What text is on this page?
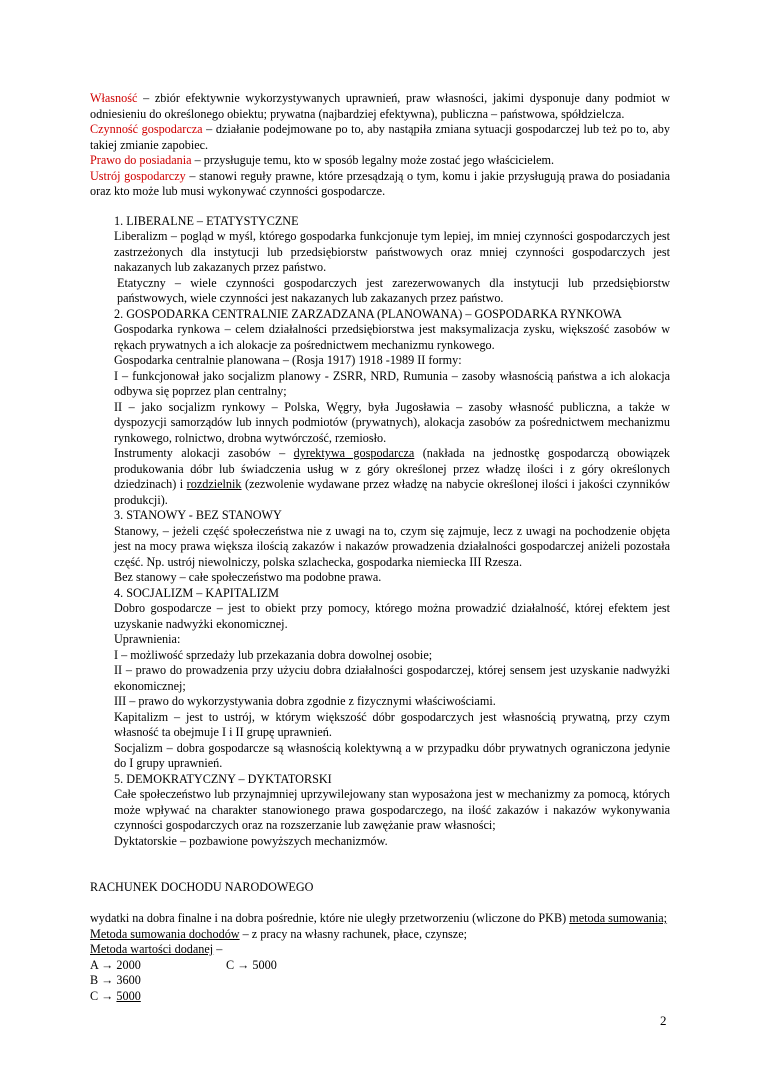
Własność – zbiór efektywnie wykorzystywanych uprawnień, praw własności, jakimi dysponuje dany podmiot w odniesieniu do określonego obiektu; prywatna (najbardziej efektywna), publiczna – państwowa, spółdzielcza.

Czynność gospodarcza – działanie podejmowane po to, aby nastąpiła zmiana sytuacji gospodarczej lub też po to, aby takiej zmianie zapobiec.

Prawo do posiadania – przysługuje temu, kto w sposób legalny może zostać jego właścicielem.

Ustrój gospodarczy – stanowi reguły prawne, które przesądzają o tym, komu i jakie przysługują prawa do posiadania oraz kto może lub musi wykonywać czynności gospodarcze.

1. LIBERALNE – ETATYSTYCZNE

Liberalizm – pogląd w myśl, którego gospodarka funkcjonuje tym lepiej, im mniej czynności gospodarczych jest zastrzeżonych dla instytucji lub przedsiębiorstw państwowych oraz mniej czynności gospodarczych jest nakazanych lub zakazanych przez państwo.

Etatyczny – wiele czynności gospodarczych jest zarezerwowanych dla instytucji lub przedsiębiorstw państwowych, wiele czynności jest nakazanych lub zakazanych przez państwo.

2. GOSPODARKA CENTRALNIE ZARZADZANA (PLANOWANA) – GOSPODARKA RYNKOWA

Gospodarka rynkowa – celem działalności przedsiębiorstwa jest maksymalizacja zysku, większość zasobów w rękach prywatnych a ich alokacje za pośrednictwem mechanizmu rynkowego.

Gospodarka centralnie planowana – (Rosja 1917) 1918 -1989 II formy:

I – funkcjonował jako socjalizm planowy - ZSRR, NRD, Rumunia – zasoby własnością państwa a ich alokacja odbywa się poprzez plan centralny;

II – jako socjalizm rynkowy – Polska, Węgry, była Jugosławia – zasoby własność publiczna, a także w dyspozycji samorządów lub innych podmiotów (prywatnych), alokacja zasobów za pośrednictwem mechanizmu rynkowego, rolnictwo, drobna wytwórczość, rzemiosło.

Instrumenty alokacji zasobów – dyrektywa gospodarcza (nakłada na jednostkę gospodarczą obowiązek produkowania dóbr lub świadczenia usług w z góry określonej przez władzę ilości i z góry określonych dziedzinach) i rozdzielnik (zezwolenie wydawane przez władzę na nabycie określonej ilości i jakości czynników produkcji).

3. STANOWY - BEZ STANOWY

Stanowy, – jeżeli część społeczeństwa nie z uwagi na to, czym się zajmuje, lecz z uwagi na pochodzenie objęta jest na mocy prawa większa ilością zakazów i nakazów prowadzenia działalności gospodarczej aniżeli pozostała część. Np. ustrój niewolniczy, polska szlachecka, gospodarka niemiecka III Rzesza.

Bez stanowy – całe społeczeństwo ma podobne prawa.

4. SOCJALIZM – KAPITALIZM

Dobro gospodarcze – jest to obiekt przy pomocy, którego można prowadzić działalność, której efektem jest uzyskanie nadwyżki ekonomicznej.

Uprawnienia:

I – możliwość sprzedaży lub przekazania dobra dowolnej osobie;

II – prawo do prowadzenia przy użyciu dobra działalności gospodarczej, której sensem jest uzyskanie nadwyżki ekonomicznej;

III – prawo do wykorzystywania dobra zgodnie z fizycznymi właściwościami.

Kapitalizm – jest to ustrój, w którym większość dóbr gospodarczych jest własnością prywatną, przy czym własność ta obejmuje I i II grupę uprawnień.

Socjalizm – dobra gospodarcze są własnością kolektywną a w przypadku dóbr prywatnych ograniczona jedynie do I grupy uprawnień.

5. DEMOKRATYCZNY – DYKTATORSKI

Całe społeczeństwo lub przynajmniej uprzywilejowany stan wyposażona jest w mechanizmy za pomocą, których może wpływać na charakter stanowionego prawa gospodarczego, na ilość zakazów i nakazów wykonywania czynności gospodarczych oraz na rozszerzanie lub zawężanie praw własności;

Dyktatorskie – pozbawione powyższych mechanizmów.

RACHUNEK DOCHODU NARODOWEGO

wydatki na dobra finalne i na dobra pośrednie, które nie uległy przetworzeniu (wliczone do PKB) metoda sumowania;

Metoda sumowania dochodów – z pracy na własny rachunek, płace, czynsze;

Metoda wartości dodanej –

A → 2000	C → 5000
B → 3600
C → 5000
2
